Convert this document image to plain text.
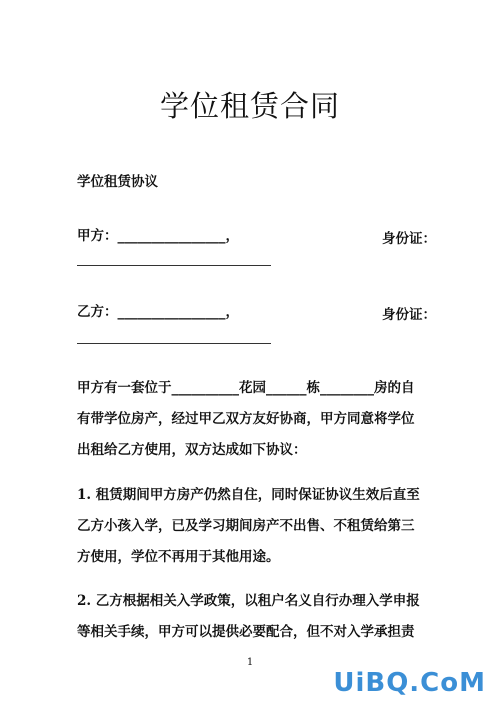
学位租赁合同

学位租赁协议

甲方：________________，	身份证：

乙方：________________，	身份证：
甲方有一套位于__________花园______栋________房的自
有带学位房产，经过甲乙双方友好协商，甲方同意将学位
出租给乙方使用，双方达成如下协议：
1. 租赁期间甲方房产仍然自住，同时保证协议生效后直至
乙方小孩入学，已及学习期间房产不出售、不租赁给第三
方使用，学位不再用于其他用途。
2. 乙方根据相关入学政策，以租户名义自行办理入学申报
等相关手续，甲方可以提供必要配合，但不对入学承担责
1
UiBQ.CoM
